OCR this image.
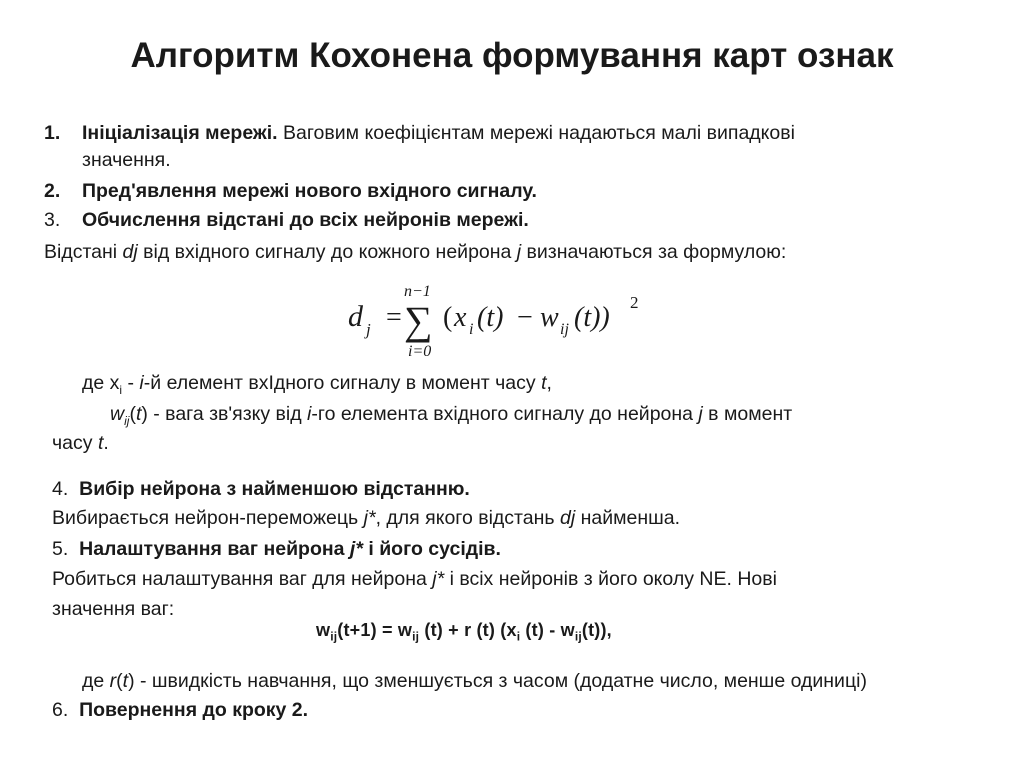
Алгоритм Кохонена формування карт ознак
1. Ініціалізація мережі. Ваговим коефіцієнтам мережі надаються малі випадкові
значення.
2. Пред'явлення мережі нового вхідного сигналу.
3. Обчислення відстані до всіх нейронів мережі.
Відстані dj від вхідного сигналу до кожного нейрона j визначаються за формулою:
d j =
n−1
∑
i=0
( x i (t) − w ij (t)) 2
де $x_i - i-й$ елемент вхIдного сигналу в момент часу t,
$w_{ij}(t)$ - вага зв'язку від i-го елемента вхідного сигналу до нейрона j в момент
часу t.
4. Вибір нейрона з найменшою відстанню.
Вибирається нейрон-переможець j*, для якого відстань dj найменша.
5. Налаштування ваг нейрона j* і його сусідів.
Робиться налаштування ваг для нейрона j* і всіх нейронів з його околу NE. Нові
значення ваг:
$w_{ij}(t+1) = w_{ij}$ (t) + r (t) ($x_i$ $(t) - w_{ij}(t)$),
де r(t) - швидкість навчання, що зменшується з часом (додатне число, менше одиниці)
6. Повернення до кроку 2.
